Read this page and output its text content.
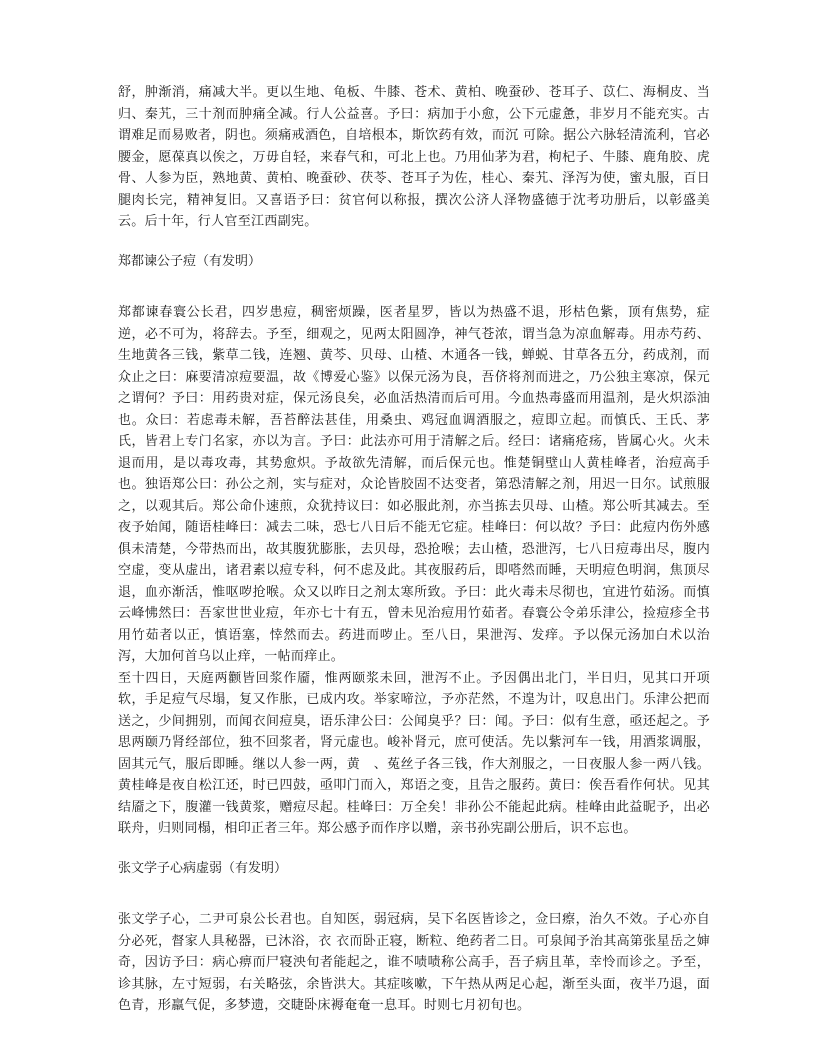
舒，肿渐消，痛减大半。更以生地、龟板、牛膝、苍术、黄柏、晚蚕砂、苍耳子、苡仁、海桐皮、当归、秦艽，三十剂而肿痛全减。行人公益喜。予曰：病加于小愈，公下元虚惫，非岁月不能充实。古谓难足而易败者，阴也。须痛戒酒色，自培根本，斯饮药有效，而沉 可除。据公六脉轻清流利，官必腰金，愿葆真以俟之，万毋自轻，来春气和，可北上也。乃用仙茅为君，枸杞子、牛膝、鹿角胶、虎骨、人参为臣，熟地黄、黄柏、晚蚕砂、茯苓、苍耳子为佐，桂心、秦艽、泽泻为使，蜜丸服，百日腿肉长完，精神复旧。又喜语予曰：贫官何以称报，撰次公济人泽物盛德于沈考功册后，以彰盛美云。后十年，行人官至江西副宪。

郑都谏公子痘（有发明）

郑都谏春寰公长君，四岁患痘，稠密烦躁，医者星罗，皆以为热盛不退，形枯色紫，顶有焦势，症逆，必不可为，将辞去。予至，细观之，见两太阳圆净，神气苍浓，谓当急为凉血解毒。用赤芍药、生地黄各三钱，紫草二钱，连翘、黄芩、贝母、山楂、木通各一钱，蝉蜕、甘草各五分，药成剂，而众止之曰：麻要清凉痘要温，故《博爱心鉴》以保元汤为良，吾侪将剂而进之，乃公独主寒凉，保元之谓何？予曰：用药贵对症，保元汤良矣，必血活热清而后可用。今血热毒盛而用温剂，是火炽添油也。众曰：若虑毒未解，吾苔醉法甚佳，用桑虫、鸡冠血调酒服之，痘即立起。而慎氏、王氏、茅氏，皆君上专门名家，亦以为言。予曰：此法亦可用于清解之后。经曰：诸痛疮疡，皆属心火。火未退而用，是以毒攻毒，其势愈炽。予故欲先清解，而后保元也。惟楚铜壁山人黄桂峰者，治痘高手也。独语郑公曰：孙公之剂，实与症对，众论皆胶固不达变者，第恐清解之剂，用迟一日尔。试煎服之，以观其后。郑公命仆速煎，众犹持议曰：如必服此剂，亦当拣去贝母、山楂。郑公听其减去。至夜予始闻，随语桂峰曰：减去二味，恐七八日后不能无它症。桂峰曰：何以故？予曰：此痘内伤外感俱未清楚，今带热而出，故其腹犹膨胀，去贝母，恐抢喉；去山楂，恐泄泻，七八日痘毒出尽，腹内空虚，变从虚出，诸君素以痘专科，何不虑及此。其夜服药后，即嗒然而睡，天明痘色明润，焦顶尽退，血亦渐活，惟呕哕抢喉。众又以昨日之剂太寒所致。予曰：此火毒未尽彻也，宜进竹茹汤。而慎云峰怫然曰：吾家世世业痘，年亦七十有五，曾未见治痘用竹茹者。春寰公令弟乐津公，捡痘疹全书用竹茹者以正，慎语塞，悻然而去。药进而哕止。至八日，果泄泻、发痒。予以保元汤加白术以治泻，大加何首乌以止痒，一帖而痒止。

至十四日，天庭两颧皆回浆作靥，惟两颐浆未回，泄泻不止。予因偶出北门，半日归，见其口开项软，手足痘气尽塌，复又作胀，已成内攻。举家啼泣，予亦茫然，不遑为计，叹息出门。乐津公把而送之，少间拥别，而闻衣间痘臭，语乐津公曰：公闻臭乎？曰：闻。予曰：似有生意，亟还起之。予思两颐乃肾经部位，独不回浆者，肾元虚也。峻补肾元，庶可使活。先以紫河车一钱，用酒浆调服，固其元气，服后即睡。继以人参一两，黄　、菟丝子各三钱，作大剂服之，一日夜服人参一两八钱。黄桂峰是夜自松江还，时已四鼓，亟叩门而入，郑语之变，且告之服药。黄曰：俟吾看作何状。见其结靥之下，腹灌一钱黄浆，赠痘尽起。桂峰曰：万全矣！非孙公不能起此病。桂峰由此益昵予，出必联舟，归则同榻，相印正者三年。郑公感予而作序以赠，亲书孙宪副公册后，识不忘也。

张文学子心病虚弱（有发明）

张文学子心，二尹可泉公长君也。自知医，弱冠病，吴下名医皆诊之，佥曰瘵，治久不效。子心亦自分必死，督家人具秘器，已沐浴，衣 衣而卧正寝，断粒、绝药者二日。可泉闻予治其高第张星岳之婶奇，因访予曰：病心痹而尸寝泱旬者能起之，谁不啧啧称公高手，吾子病且革，幸怜而诊之。予至，诊其脉，左寸短弱，右关略弦，余皆洪大。其症咳嗽，下午热从两足心起，渐至头面，夜半乃退，面色青，形羸气促，多梦遗，交睫卧床褥奄奄一息耳。时则七月初旬也。
